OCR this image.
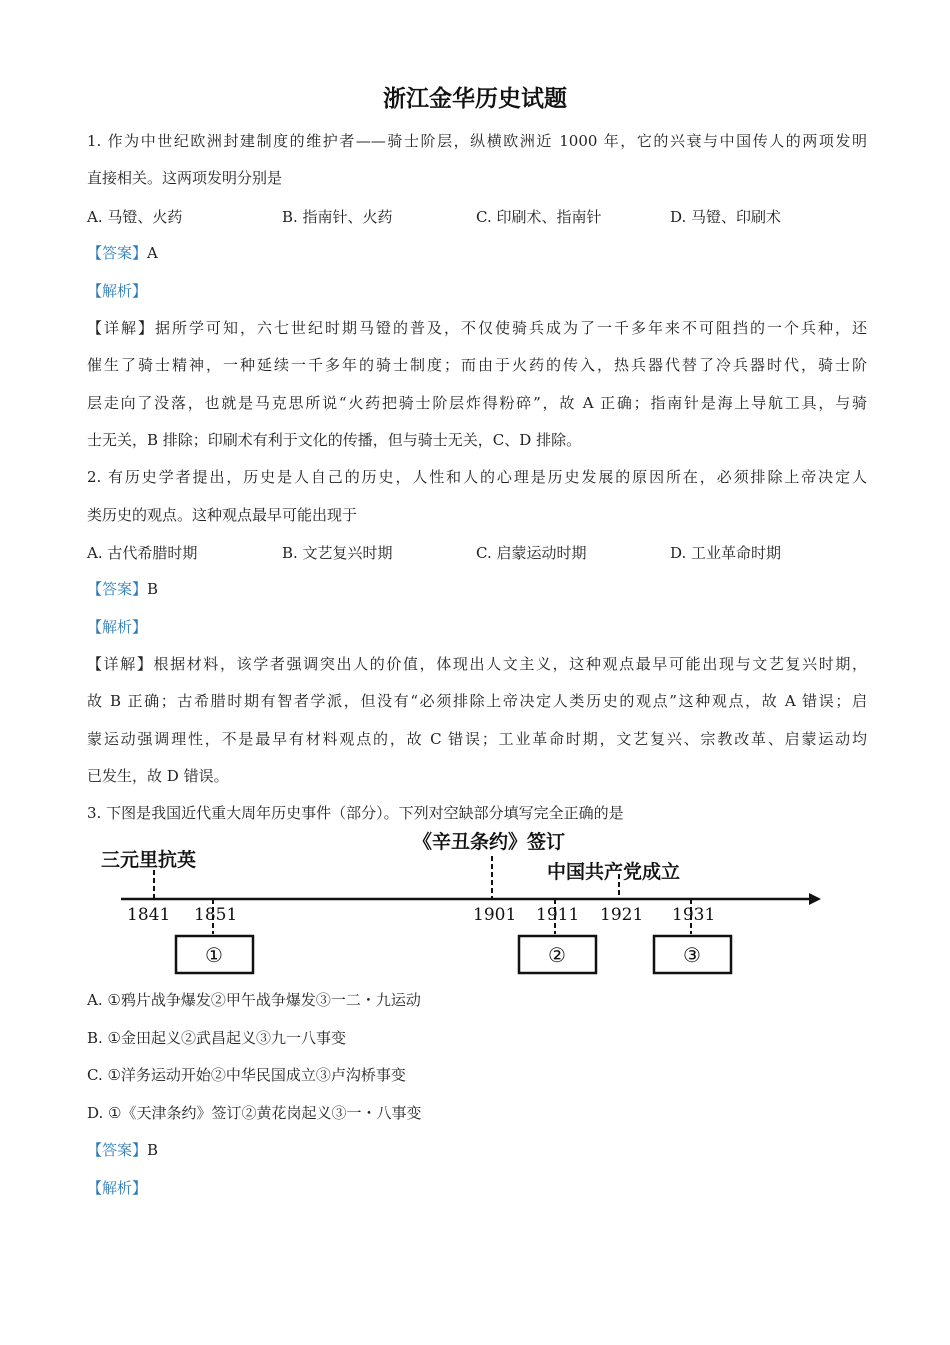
浙江金华历史试题
1. 作为中世纪欧洲封建制度的维护者——骑士阶层，纵横欧洲近 1000 年，它的兴衰与中国传人的两项发明
直接相关。这两项发明分别是
A. 马镫、火药	B. 指南针、火药	C. 印刷术、指南针	D. 马镫、印刷术
【答案】A
【解析】
【详解】据所学可知，六七世纪时期马镫的普及，不仅使骑兵成为了一千多年来不可阻挡的一个兵种，还
催生了骑士精神，一种延续一千多年的骑士制度；而由于火药的传入，热兵器代替了冷兵器时代，骑士阶
层走向了没落，也就是马克思所说“火药把骑士阶层炸得粉碎”，故 A 正确；指南针是海上导航工具，与骑
士无关，B 排除；印刷术有利于文化的传播，但与骑士无关，C、D 排除。
2. 有历史学者提出，历史是人自己的历史，人性和人的心理是历史发展的原因所在，必须排除上帝决定人
类历史的观点。这种观点最早可能出现于
A. 古代希腊时期	B. 文艺复兴时期	C. 启蒙运动时期	D. 工业革命时期
【答案】B
【解析】
【详解】根据材料，该学者强调突出人的价值，体现出人文主义，这种观点最早可能出现与文艺复兴时期，
故 B 正确；古希腊时期有智者学派，但没有“必须排除上帝决定人类历史的观点”这种观点，故 A 错误；启
蒙运动强调理性，不是最早有材料观点的，故 C 错误；工业革命时期，文艺复兴、宗教改革、启蒙运动均
已发生，故 D 错误。
3. 下图是我国近代重大周年历史事件（部分）。下列对空缺部分填写完全正确的是
三元里抗英
《辛丑条约》签订
中国共产党成立
1841 1851	1901 1911 1921 1931
①	②	③
A. ①鸦片战争爆发②甲午战争爆发③一二・九运动
B. ①金田起义②武昌起义③九一八事变
C. ①洋务运动开始②中华民国成立③卢沟桥事变
D. ①《天津条约》签订②黄花岗起义③一・八事变
【答案】B
【解析】
